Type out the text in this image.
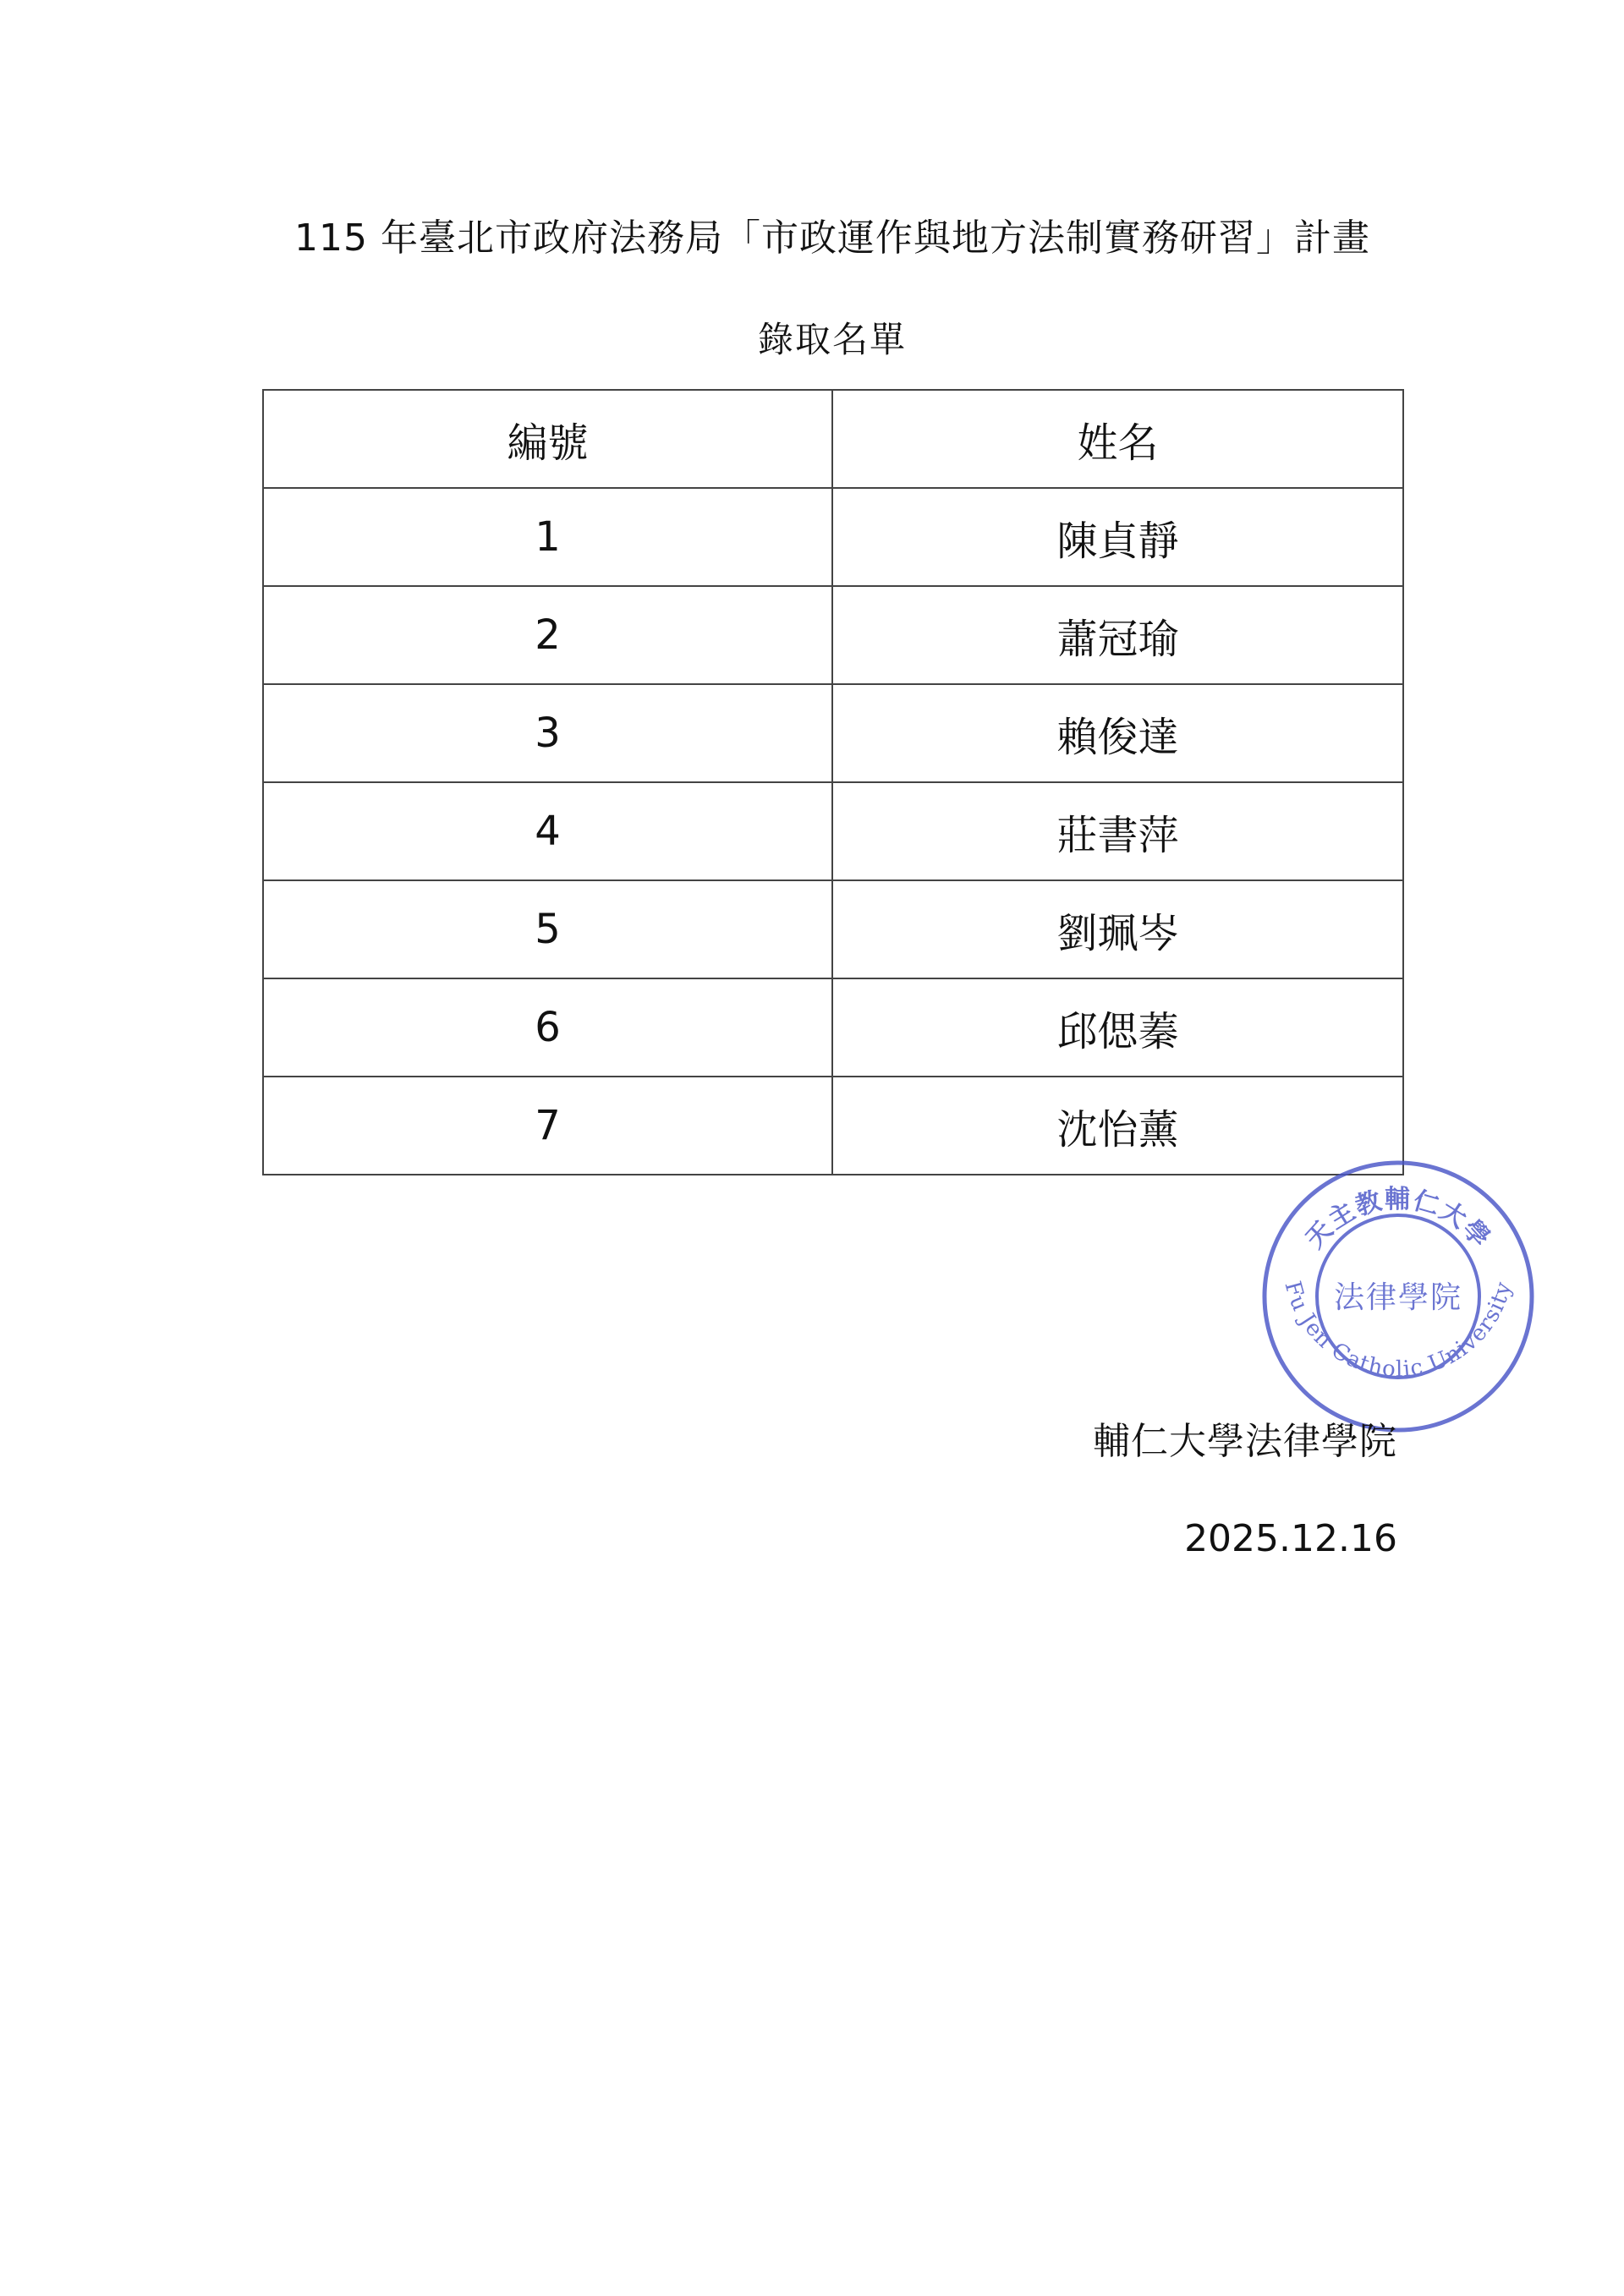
115 年臺北市政府法務局「市政運作與地方法制實務研習」計畫
錄取名單
編號	姓名
1	陳貞靜
2	蕭冠瑜
3	賴俊達
4	莊書萍
5	劉珮岑
6	邱偲蓁
7	沈怡薰
天主教輔仁大學
Fu Jen Catholic University
法律學院
輔仁大學法律學院
2025.12.16
